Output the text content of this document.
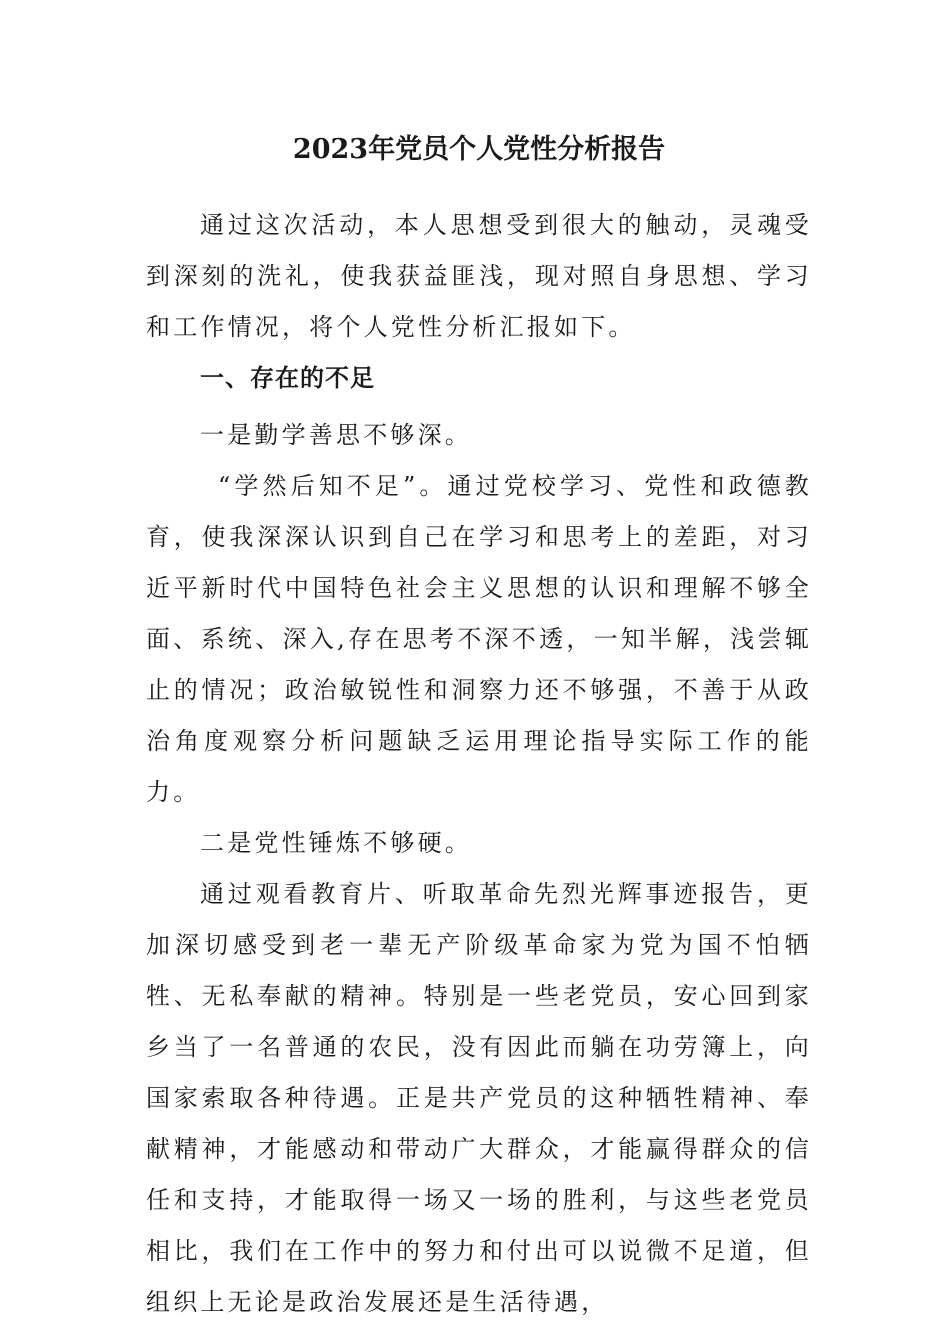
2023年党员个人党性分析报告

通过这次活动，本人思想受到很大的触动，灵魂受到深刻的洗礼，使我获益匪浅，现对照自身思想、学习和工作情况，将个人党性分析汇报如下。

一、存在的不足

一是勤学善思不够深。

“学然后知不足”。通过党校学习、党性和政德教育，使我深深认识到自己在学习和思考上的差距，对习近平新时代中国特色社会主义思想的认识和理解不够全面、系统、深入,存在思考不深不透，一知半解，浅尝辄止的情况；政治敏锐性和洞察力还不够强，不善于从政治角度观察分析问题缺乏运用理论指导实际工作的能力。

二是党性锤炼不够硬。

通过观看教育片、听取革命先烈光辉事迹报告，更加深切感受到老一辈无产阶级革命家为党为国不怕牺牲、无私奉献的精神。特别是一些老党员，安心回到家乡当了一名普通的农民，没有因此而躺在功劳簿上，向国家索取各种待遇。正是共产党员的这种牺牲精神、奉献精神，才能感动和带动广大群众，才能赢得群众的信任和支持，才能取得一场又一场的胜利，与这些老党员相比，我们在工作中的努力和付出可以说微不足道，但组织上无论是政治发展还是生活待遇，
